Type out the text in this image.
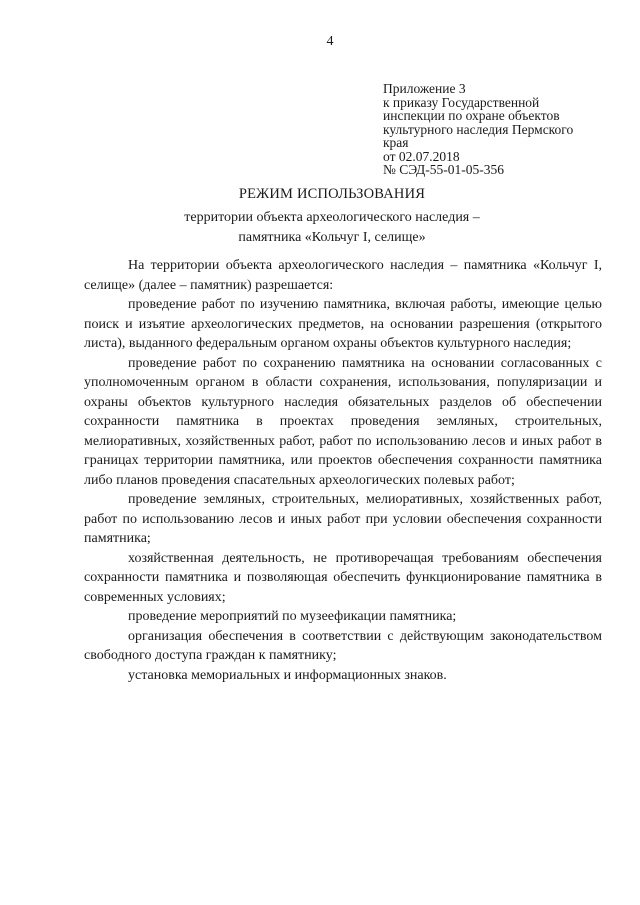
4
Приложение 3
к приказу Государственной
инспекции по охране объектов
культурного наследия Пермского
края
от 02.07.2018
№ СЭД-55-01-05-356
РЕЖИМ ИСПОЛЬЗОВАНИЯ
территории объекта археологического наследия –
памятника «Кольчуг I, селище»

На территории объекта археологического наследия – памятника «Кольчуг I, селище» (далее – памятник) разрешается:

проведение работ по изучению памятника, включая работы, имеющие целью поиск и изъятие археологических предметов, на основании разрешения (открытого листа), выданного федеральным органом охраны объектов культурного наследия;

проведение работ по сохранению памятника на основании согласованных с уполномоченным органом в области сохранения, использования, популяризации и охраны объектов культурного наследия обязательных разделов об обеспечении сохранности памятника в проектах проведения земляных, строительных, мелиоративных, хозяйственных работ, работ по использованию лесов и иных работ в границах территории памятника, или проектов обеспечения сохранности памятника либо планов проведения спасательных археологических полевых работ;

проведение земляных, строительных, мелиоративных, хозяйственных работ, работ по использованию лесов и иных работ при условии обеспечения сохранности памятника;

хозяйственная деятельность, не противоречащая требованиям обеспечения сохранности памятника и позволяющая обеспечить функционирование памятника в современных условиях;

проведение мероприятий по музеефикации памятника;

организация обеспечения в соответствии с действующим законодательством свободного доступа граждан к памятнику;

установка мемориальных и информационных знаков.
